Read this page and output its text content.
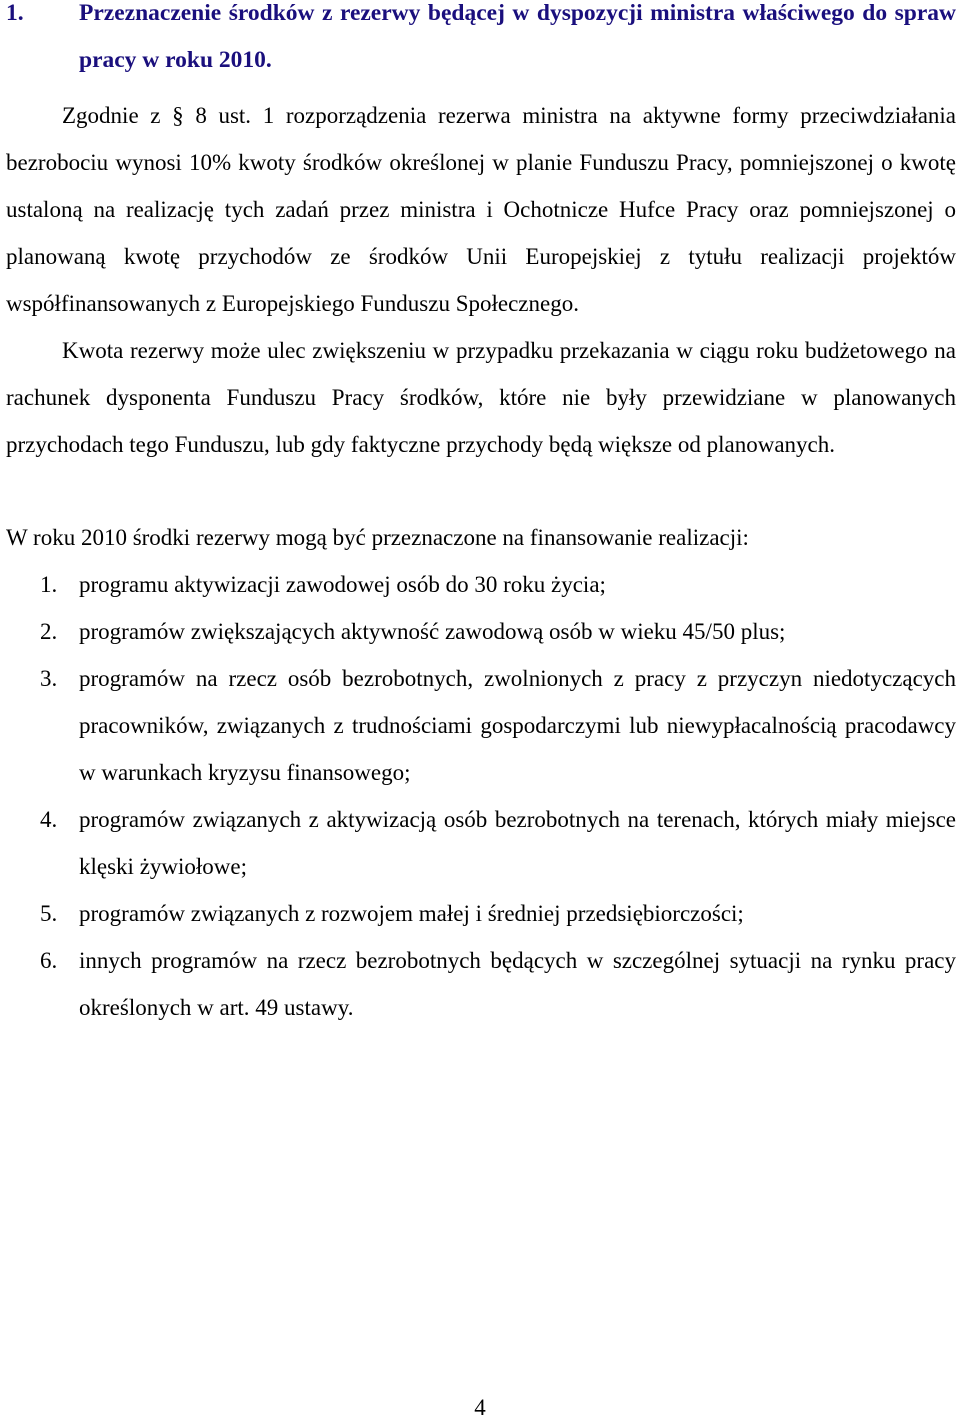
1.	Przeznaczenie środków z rezerwy będącej w dyspozycji ministra właściwego do spraw pracy w roku 2010.

Zgodnie z § 8 ust. 1 rozporządzenia rezerwa ministra na aktywne formy przeciwdziałania bezrobociu wynosi 10% kwoty środków określonej w planie Funduszu Pracy, pomniejszonej o kwotę ustaloną na realizację tych zadań przez ministra i Ochotnicze Hufce Pracy oraz pomniejszonej o planowaną kwotę przychodów ze środków Unii Europejskiej z tytułu realizacji projektów współfinansowanych z Europejskiego Funduszu Społecznego.

Kwota rezerwy może ulec zwiększeniu w przypadku przekazania w ciągu roku budżetowego na rachunek dysponenta Funduszu Pracy środków, które nie były przewidziane w planowanych przychodach tego Funduszu, lub gdy faktyczne przychody będą większe od planowanych.

W roku 2010 środki rezerwy mogą być przeznaczone na finansowanie realizacji:

1. programu aktywizacji zawodowej osób do 30 roku życia;
2. programów zwiększających aktywność zawodową osób w wieku 45/50 plus;
3. programów na rzecz osób bezrobotnych, zwolnionych z pracy z przyczyn niedotyczących pracowników, związanych z trudnościami gospodarczymi lub niewypłacalnością pracodawcy w warunkach kryzysu finansowego;
4. programów związanych z aktywizacją osób bezrobotnych na terenach, których miały miejsce klęski żywiołowe;
5. programów związanych z rozwojem małej i średniej przedsiębiorczości;
6. innych programów na rzecz bezrobotnych będących w szczególnej sytuacji na rynku pracy określonych w art. 49 ustawy.
4
